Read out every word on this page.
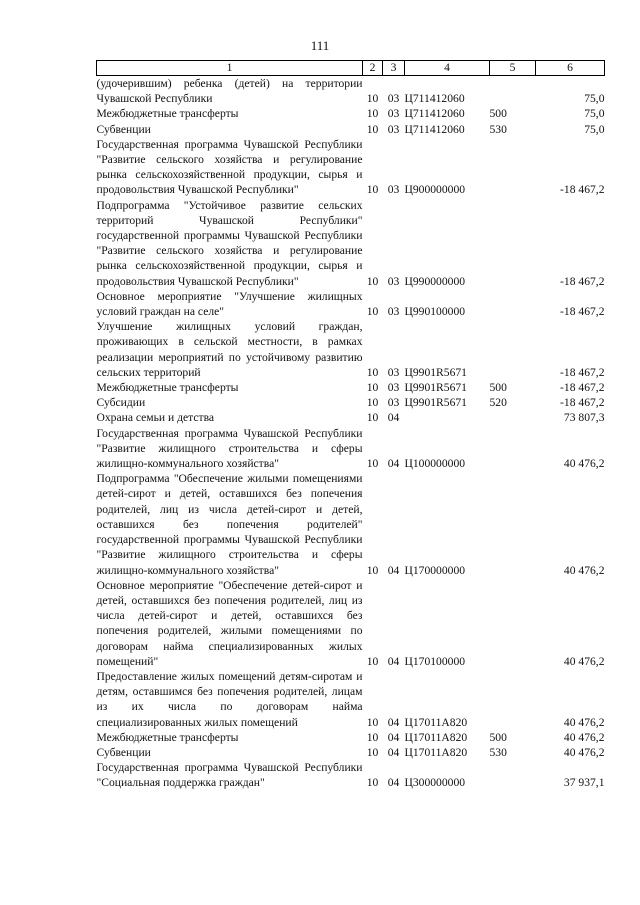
111
1	2	3	4	5	6
(удочерившим) ребенка (детей) на территории Чувашской Республики	10	03	Ц711412060		75,0
Межбюджетные трансферты	10	03	Ц711412060	500	75,0
Субвенции	10	03	Ц711412060	530	75,0
Государственная программа Чувашской Республики "Развитие сельского хозяйства и регулирование рынка сельскохозяйственной продукции, сырья и продовольствия Чувашской Республики"	10	03	Ц900000000		-18 467,2
Подпрограмма "Устойчивое развитие сельских территорий Чувашской Республики" государственной программы Чувашской Республики "Развитие сельского хозяйства и регулирование рынка сельскохозяйственной продукции, сырья и продовольствия Чувашской Республики"	10	03	Ц990000000		-18 467,2
Основное мероприятие "Улучшение жилищных условий граждан на селе"	10	03	Ц990100000		-18 467,2
Улучшение жилищных условий граждан, проживающих в сельской местности, в рамках реализации мероприятий по устойчивому развитию сельских территорий	10	03	Ц9901R5671		-18 467,2
Межбюджетные трансферты	10	03	Ц9901R5671	500	-18 467,2
Субсидии	10	03	Ц9901R5671	520	-18 467,2
Охрана семьи и детства	10	04			73 807,3
Государственная программа Чувашской Республики "Развитие жилищного строительства и сферы жилищно-коммунального хозяйства"	10	04	Ц100000000		40 476,2
Подпрограмма "Обеспечение жилыми помещениями детей-сирот и детей, оставшихся без попечения родителей, лиц из числа детей-сирот и детей, оставшихся без попечения родителей" государственной программы Чувашской Республики "Развитие жилищного строительства и сферы жилищно-коммунального хозяйства"	10	04	Ц170000000		40 476,2
Основное мероприятие "Обеспечение детей-сирот и детей, оставшихся без попечения родителей, лиц из числа детей-сирот и детей, оставшихся без попечения родителей, жилыми помещениями по договорам найма специализированных жилых помещений"	10	04	Ц170100000		40 476,2
Предоставление жилых помещений детям-сиротам и детям, оставшимся без попечения родителей, лицам из их числа по договорам найма специализированных жилых помещений	10	04	Ц17011А820		40 476,2
Межбюджетные трансферты	10	04	Ц17011А820	500	40 476,2
Субвенции	10	04	Ц17011А820	530	40 476,2
Государственная программа Чувашской Республики "Социальная поддержка граждан"	10	04	Ц300000000		37 937,1
